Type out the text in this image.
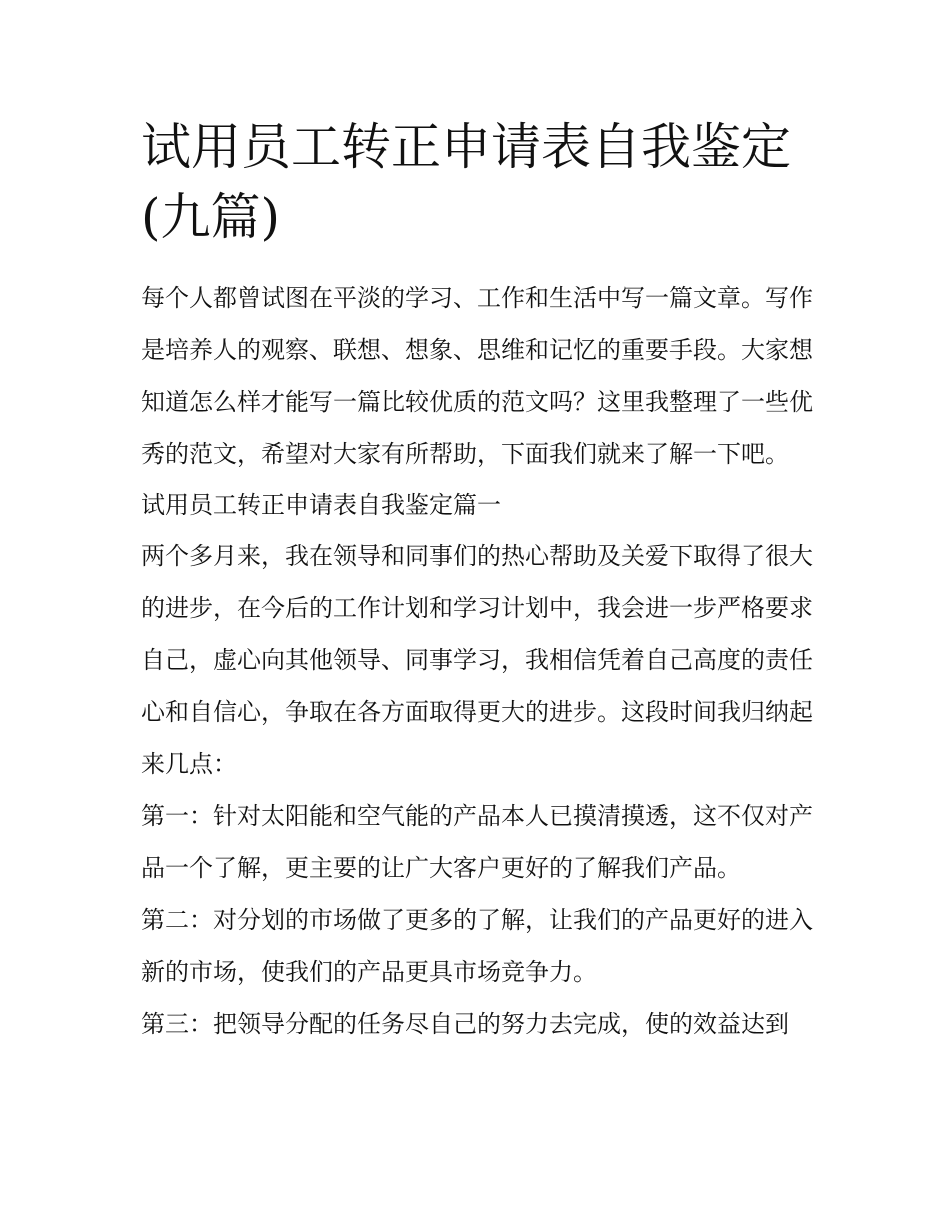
试用员工转正申请表自我鉴定(九篇)

每个人都曾试图在平淡的学习、工作和生活中写一篇文章。写作是培养人的观察、联想、想象、思维和记忆的重要手段。大家想知道怎么样才能写一篇比较优质的范文吗？这里我整理了一些优秀的范文，希望对大家有所帮助，下面我们就来了解一下吧。

试用员工转正申请表自我鉴定篇一

两个多月来，我在领导和同事们的热心帮助及关爱下取得了很大的进步，在今后的工作计划和学习计划中，我会进一步严格要求自己，虚心向其他领导、同事学习，我相信凭着自己高度的责任心和自信心，争取在各方面取得更大的进步。这段时间我归纳起来几点：

第一：针对太阳能和空气能的产品本人已摸清摸透，这不仅对产品一个了解，更主要的让广大客户更好的了解我们产品。

第二：对分划的市场做了更多的了解，让我们的产品更好的进入新的市场，使我们的产品更具市场竞争力。

第三：把领导分配的任务尽自己的努力去完成，使的效益达到
